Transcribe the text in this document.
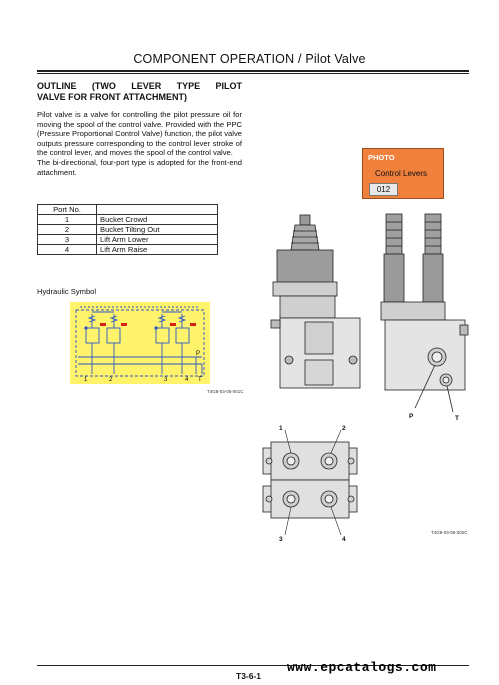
COMPONENT OPERATION / Pilot Valve
OUTLINE (TWO LEVER TYPE PILOT
VALVE FOR FRONT ATTACHMENT)

Pilot valve is a valve for controlling the pilot pressure oil for moving the spool of the control valve. Provided with the PPC (Pressure Proportional Control Valve) function, the pilot valve outputs pressure corresponding to the control lever stroke of the control lever, and moves the spool of the control valve.

The bi-directional, four-port type is adopted for the front-end attachment.

Port No.	
1	Bucket Crowd
2	Bucket Tilting Out
3	Lift Arm Lower
4	Lift Arm Raise
Hydraulic Symbol
1	2	3	4 T
P
T4G8-03-05-001C
PHOTO
Control Levers
012
P	T
1	2
3	4
T4G8-03-05-002C
www.epcatalogs.com
T3-6-1
